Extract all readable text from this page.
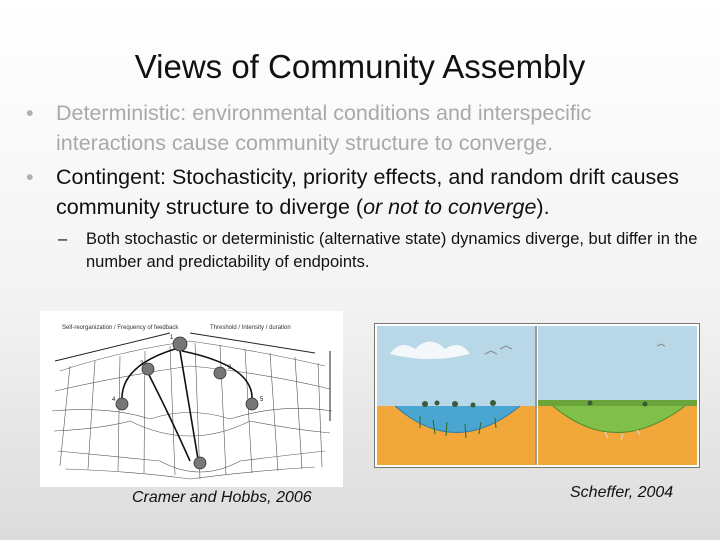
Views of Community Assembly
• Deterministic: environmental conditions and interspecific interactions cause community structure to converge.
• Contingent: Stochasticity, priority effects, and random drift causes community structure to diverge (or not to converge).
– Both stochastic or deterministic (alternative state) dynamics diverge, but differ in the number and predictability of endpoints.
Self-reorganization / Frequency of feedback	Threshold / Intensity / duration
1
2
3
4	5
Cramer and Hobbs, 2006	Scheffer, 2004
